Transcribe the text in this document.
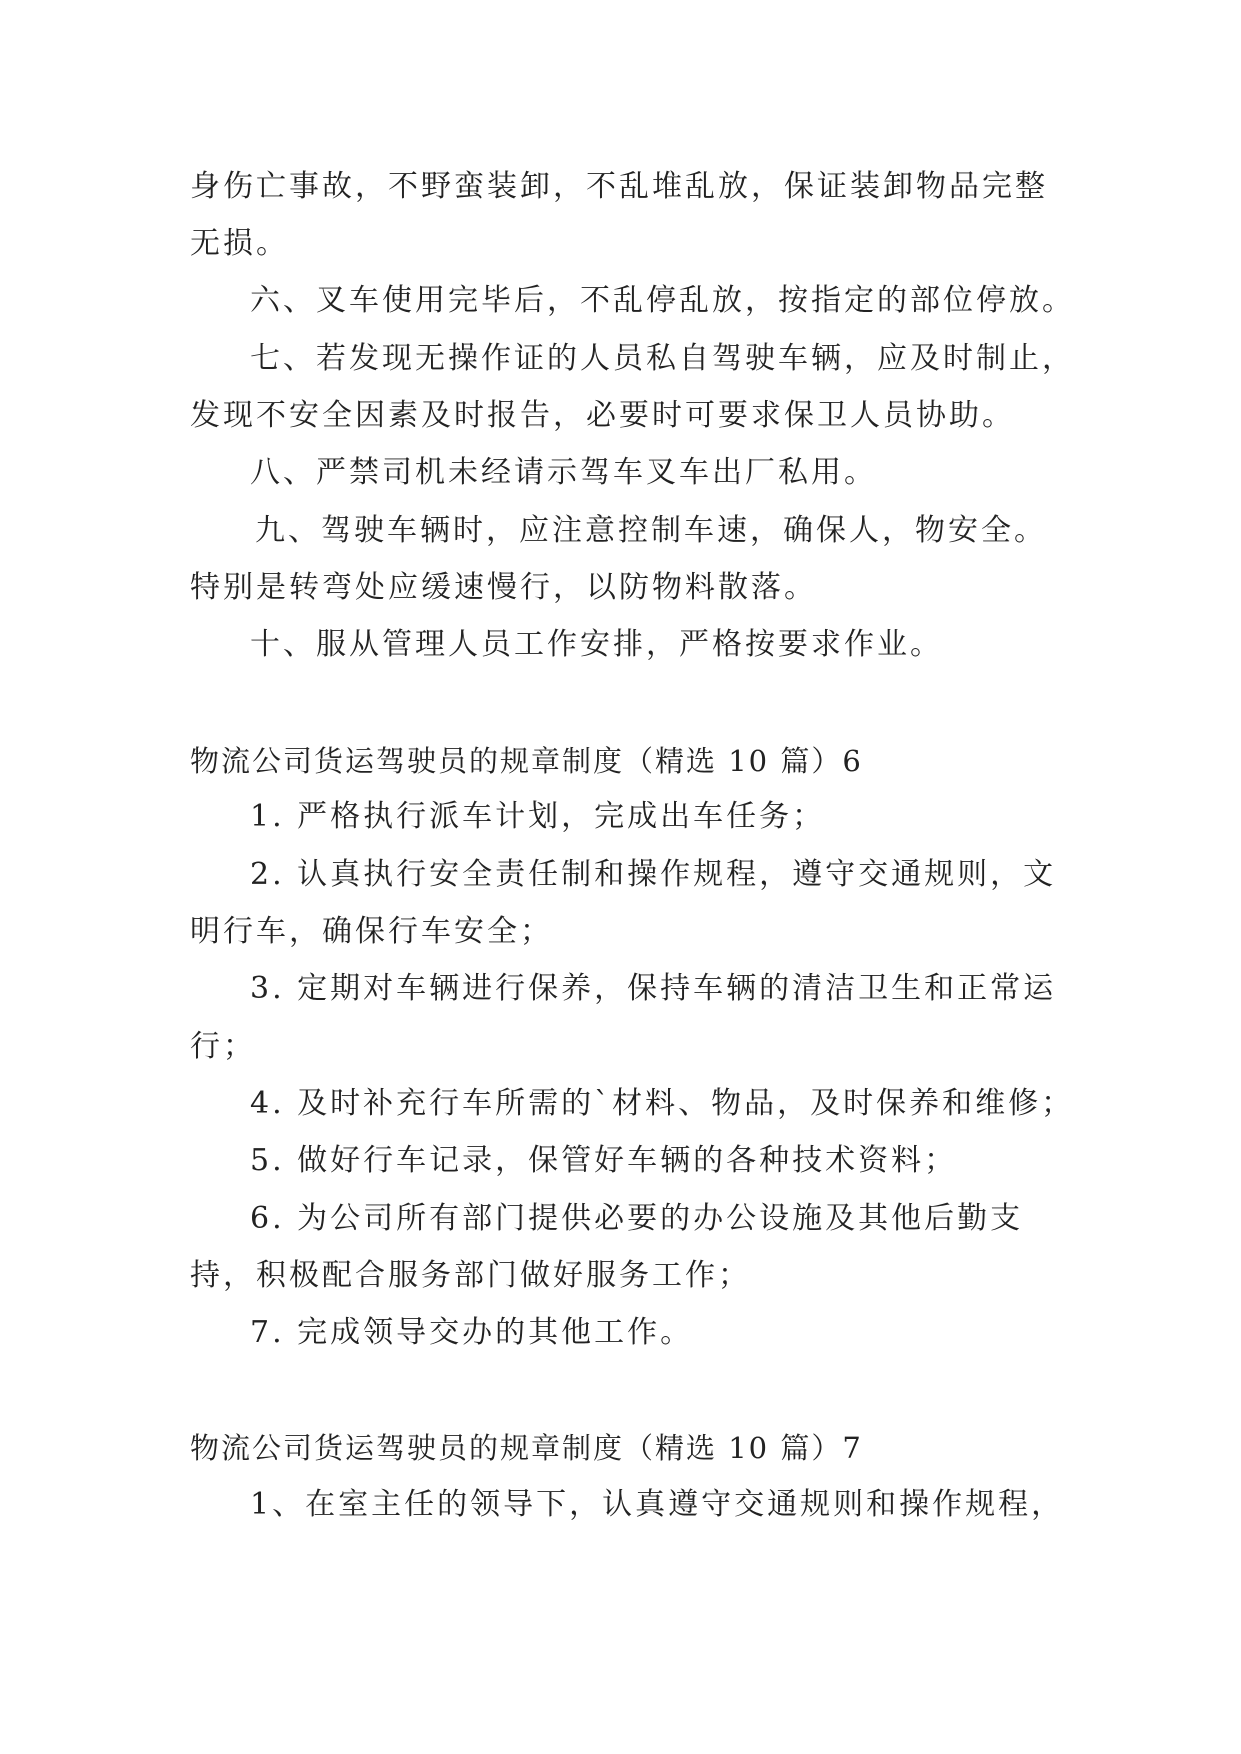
身伤亡事故，不野蛮装卸，不乱堆乱放，保证装卸物品完整
无损。
六、叉车使用完毕后，不乱停乱放，按指定的部位停放。
七、若发现无操作证的人员私自驾驶车辆，应及时制止，
发现不安全因素及时报告，必要时可要求保卫人员协助。
八、严禁司机未经请示驾车叉车出厂私用。
九、驾驶车辆时，应注意控制车速，确保人，物安全。
特别是转弯处应缓速慢行，以防物料散落。
十、服从管理人员工作安排，严格按要求作业。
物流公司货运驾驶员的规章制度（精选 10 篇）6
1. 严格执行派车计划，完成出车任务；
2. 认真执行安全责任制和操作规程，遵守交通规则，文
明行车，确保行车安全；
3. 定期对车辆进行保养，保持车辆的清洁卫生和正常运
行；
4. 及时补充行车所需的`材料、物品，及时保养和维修；
5. 做好行车记录，保管好车辆的各种技术资料；
6. 为公司所有部门提供必要的办公设施及其他后勤支
持，积极配合服务部门做好服务工作；
7. 完成领导交办的其他工作。
物流公司货运驾驶员的规章制度（精选 10 篇）7
1、在室主任的领导下，认真遵守交通规则和操作规程，
